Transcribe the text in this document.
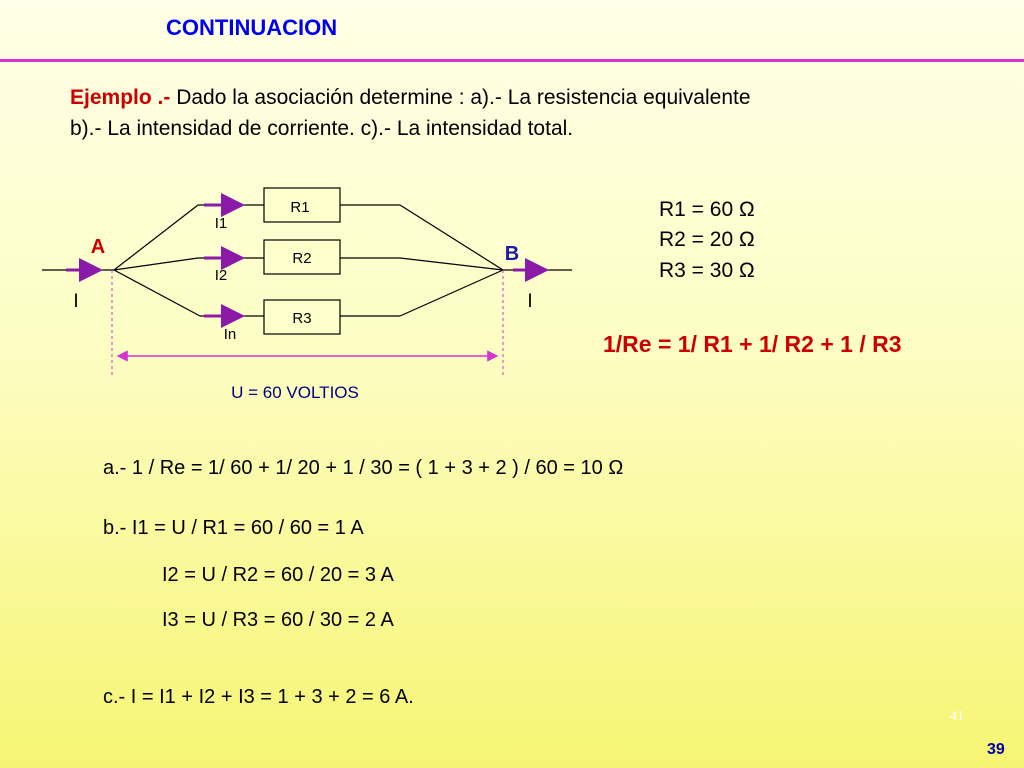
CONTINUACION
Ejemplo .- Dado la asociación determine : a).- La resistencia equivalente
b).- La intensidad de corriente. c).- La intensidad total.
R1
R2
R3
I1
I2
In
A	B
I	I
U = 60 VOLTIOS
R1 = 60 Ω
R2 = 20 Ω
R3 = 30 Ω
1/Re = 1/ R1 + 1/ R2 + 1 / R3
a.- 1 / Re = 1/ 60 + 1/ 20 + 1 / 30 = ( 1 + 3 + 2 ) / 60 = 10 Ω
b.- I1 = U / R1 = 60 / 60 = 1 A
I2 = U / R2 = 60 / 20 = 3 A
I3 = U / R3 = 60 / 30 = 2 A
c.- I = I1 + I2 + I3 = 1 + 3 + 2 = 6 A.
41
39
